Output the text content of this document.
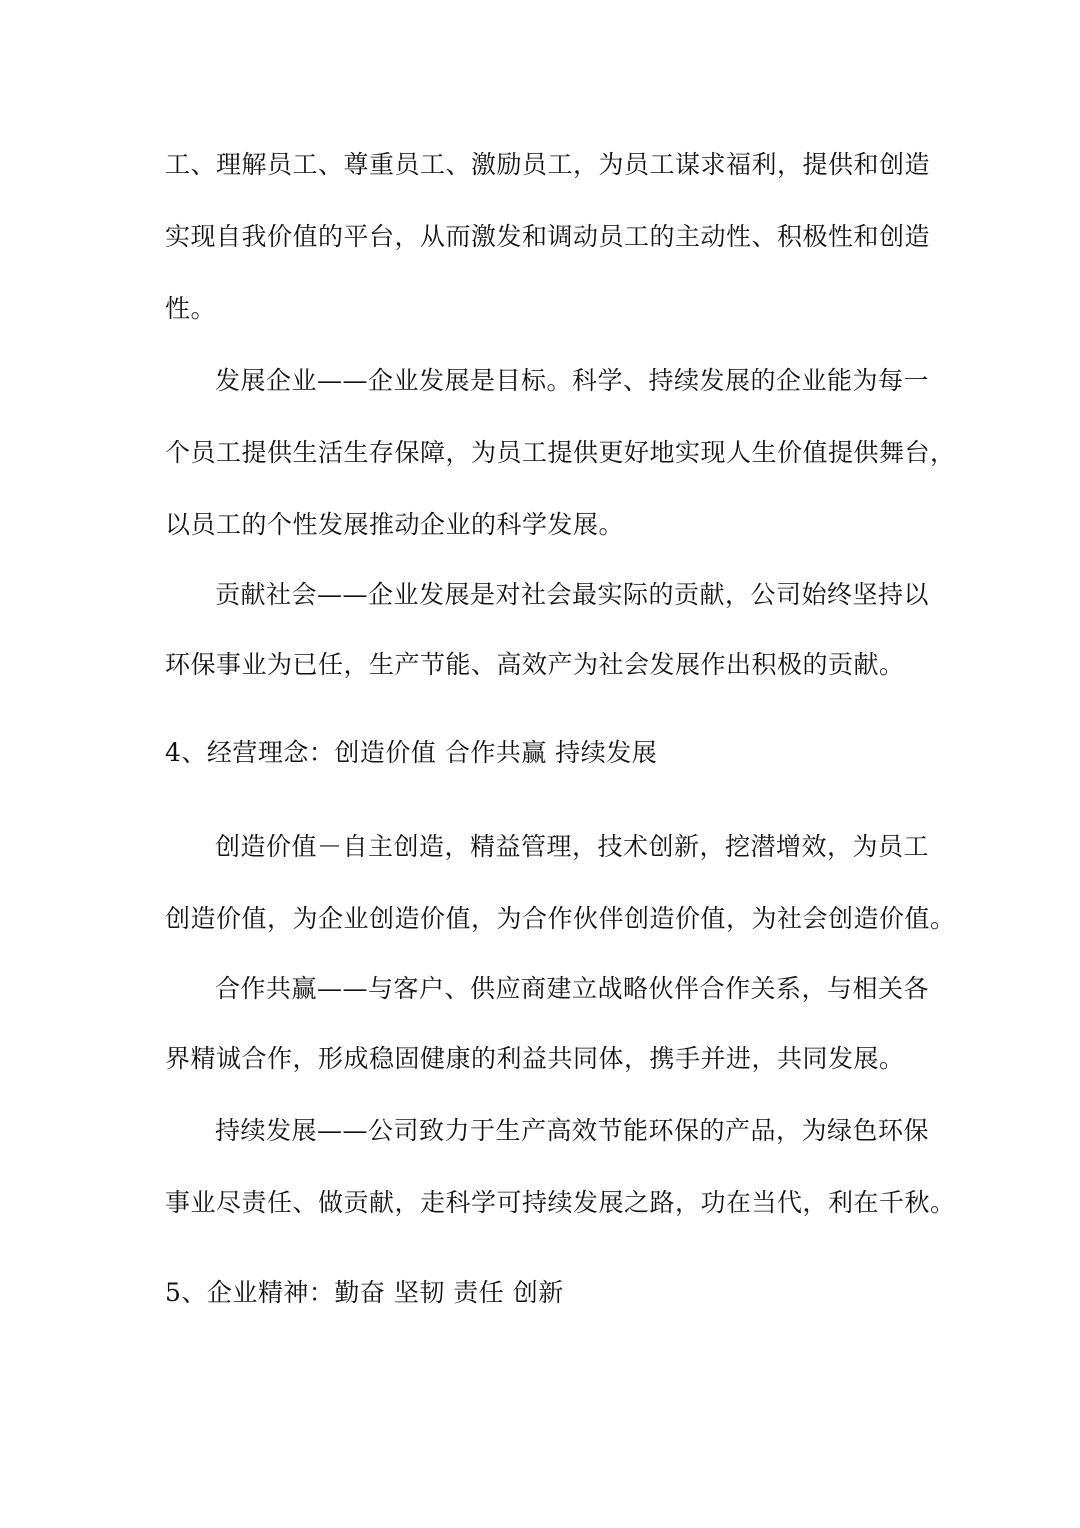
工、理解员工、尊重员工、激励员工，为员工谋求福利，提供和创造
实现自我价值的平台，从而激发和调动员工的主动性、积极性和创造
性。
发展企业——企业发展是目标。科学、持续发展的企业能为每一
个员工提供生活生存保障，为员工提供更好地实现人生价值提供舞台，
以员工的个性发展推动企业的科学发展。
贡献社会——企业发展是对社会最实际的贡献，公司始终坚持以
环保事业为已任，生产节能、高效产为社会发展作出积极的贡献。
4、经营理念：创造价值 合作共赢 持续发展
创造价值－自主创造，精益管理，技术创新，挖潜增效，为员工
创造价值，为企业创造价值，为合作伙伴创造价值，为社会创造价值。
合作共赢——与客户、供应商建立战略伙伴合作关系，与相关各
界精诚合作，形成稳固健康的利益共同体，携手并进，共同发展。
持续发展——公司致力于生产高效节能环保的产品，为绿色环保
事业尽责任、做贡献，走科学可持续发展之路，功在当代，利在千秋。
5、企业精神：勤奋 坚韧 责任 创新
